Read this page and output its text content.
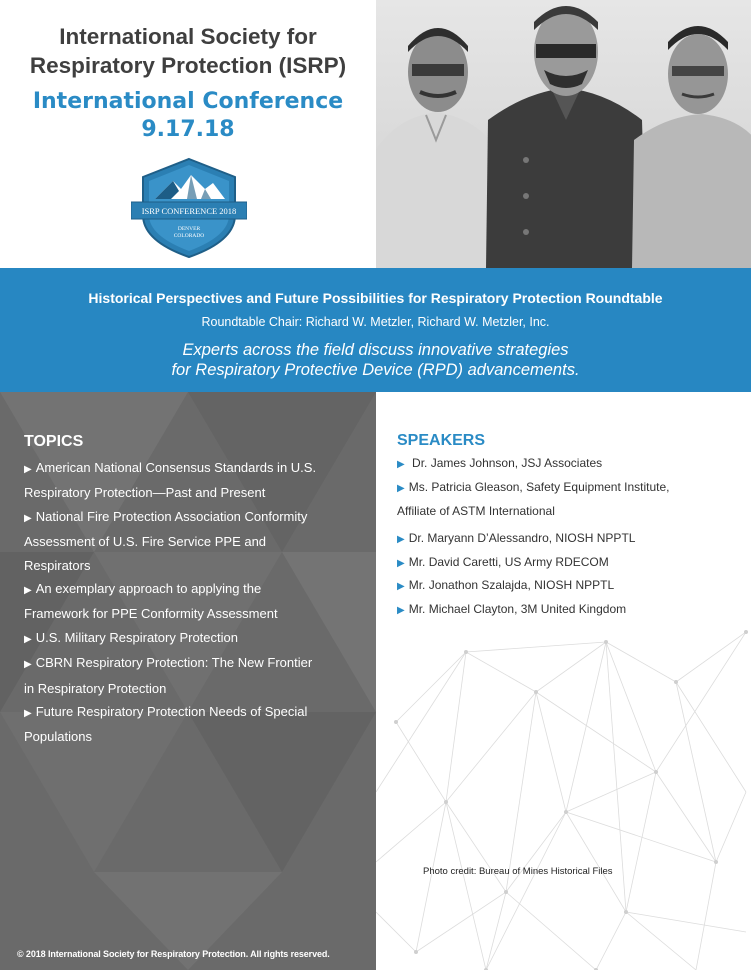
International Society for
Respiratory Protection (ISRP)
International Conference
9.17.18
ISRP CONFERENCE 2018
DENVER
COLORADO
Historical Perspectives and Future Possibilities for Respiratory Protection Roundtable
Roundtable Chair: Richard W. Metzler, Richard W. Metzler, Inc.
Experts across the field discuss innovative strategies
for Respiratory Protective Device (RPD) advancements.
TOPICS
▶ American National Consensus Standards in U.S.
Respiratory Protection—Past and Present
▶ National Fire Protection Association Conformity
Assessment of U.S. Fire Service PPE and
Respirators
▶ An exemplary approach to applying the
Framework for PPE Conformity Assessment
▶ U.S. Military Respiratory Protection
▶ CBRN Respiratory Protection: The New Frontier
in Respiratory Protection
▶ Future Respiratory Protection Needs of Special
Populations
© 2018 International Society for Respiratory Protection. All rights reserved.
SPEAKERS
▶ Dr. James Johnson, JSJ Associates
▶ Ms. Patricia Gleason, Safety Equipment Institute,
Affiliate of ASTM International
▶ Dr. Maryann D’Alessandro, NIOSH NPPTL
▶ Mr. David Caretti, US Army RDECOM
▶ Mr. Jonathon Szalajda, NIOSH NPPTL
▶ Mr. Michael Clayton, 3M United Kingdom
Photo credit: Bureau of Mines Historical Files
